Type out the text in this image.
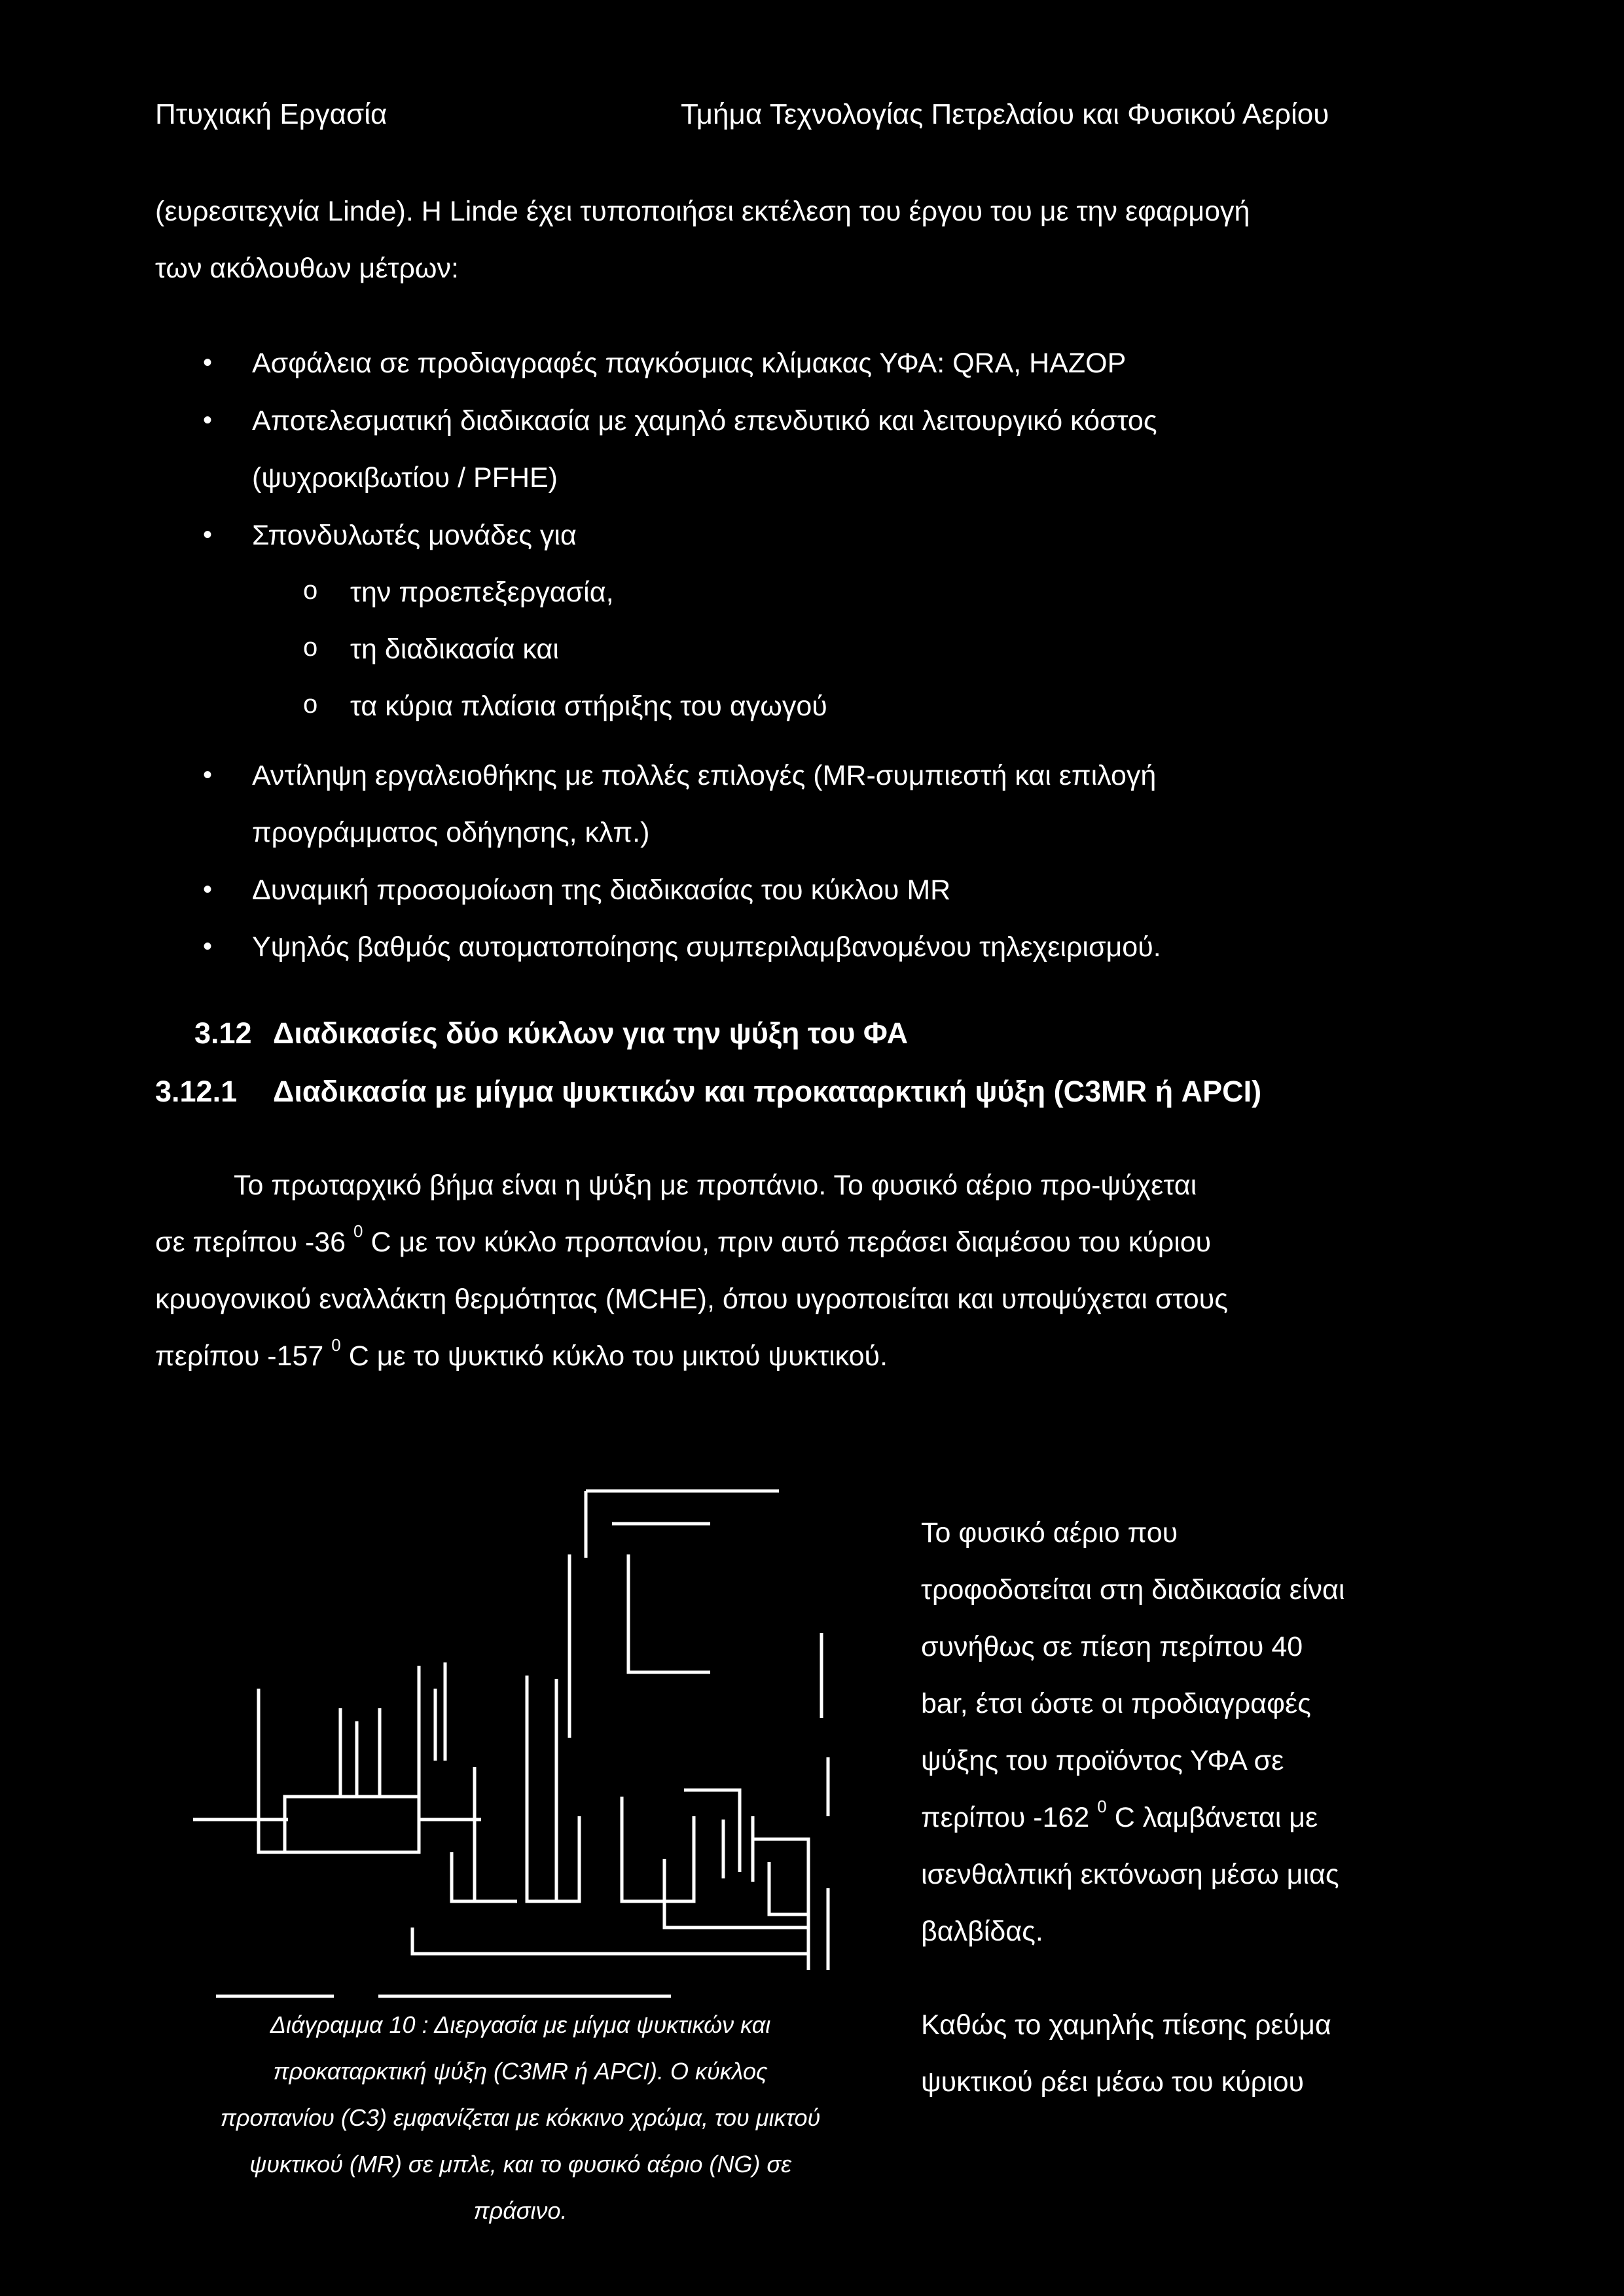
Πτυχιακή Εργασία	Τμήμα Τεχνολογίας Πετρελαίου και Φυσικού Αερίου
(ευρεσιτεχνία Linde). Η Linde έχει τυποποιήσει εκτέλεση του έργου του με την εφαρμογή
των ακόλουθων μέτρων:
• Ασφάλεια σε προδιαγραφές παγκόσμιας κλίμακας ΥΦΑ: QRA, HAZOP
• Αποτελεσματική διαδικασία με χαμηλό επενδυτικό και λειτουργικό κόστος
(ψυχροκιβωτίου / PFHE)
• Σπονδυλωτές μονάδες για
o την προεπεξεργασία,
o τη διαδικασία και
o τα κύρια πλαίσια στήριξης του αγωγού
• Αντίληψη εργαλειοθήκης με πολλές επιλογές (MR-συμπιεστή και επιλογή
προγράμματος οδήγησης, κλπ.)
• Δυναμική προσομοίωση της διαδικασίας του κύκλου MR
• Υψηλός βαθμός αυτοματοποίησης συμπεριλαμβανομένου τηλεχειρισμού.
3.12 Διαδικασίες δύο κύκλων για την ψύξη του ΦΑ
3.12.1 Διαδικασία με μίγμα ψυκτικών και προκαταρκτική ψύξη (C3MR ή APCI)
Το πρωταρχικό βήμα είναι η ψύξη με προπάνιο. Το φυσικό αέριο προ-ψύχεται
σε περίπου -36 $^0$ C με τον κύκλο προπανίου, πριν αυτό περάσει διαμέσου του κύριου
κρυογονικού εναλλάκτη θερμότητας (MCHE), όπου υγροποιείται και υποψύχεται στους
περίπου -157 $^0$ C με το ψυκτικό κύκλο του μικτού ψυκτικού.
Το φυσικό αέριο που
τροφοδοτείται στη διαδικασία είναι
συνήθως σε πίεση περίπου 40
bar, έτσι ώστε οι προδιαγραφές
ψύξης του προϊόντος ΥΦΑ σε
περίπου -162 $^0$ C λαμβάνεται με
ισενθαλπική εκτόνωση μέσω μιας
βαλβίδας.
Καθώς το χαμηλής πίεσης ρεύμα
ψυκτικού ρέει μέσω του κύριου
Διάγραμμα 10 : Διεργασία με μίγμα ψυκτικών και
προκαταρκτική ψύξη (C3MR ή APCI). Ο κύκλος
προπανίου (C3) εμφανίζεται με κόκκινο χρώμα, του μικτού
ψυκτικού (MR) σε μπλε, και το φυσικό αέριο (NG) σε
πράσινο.
